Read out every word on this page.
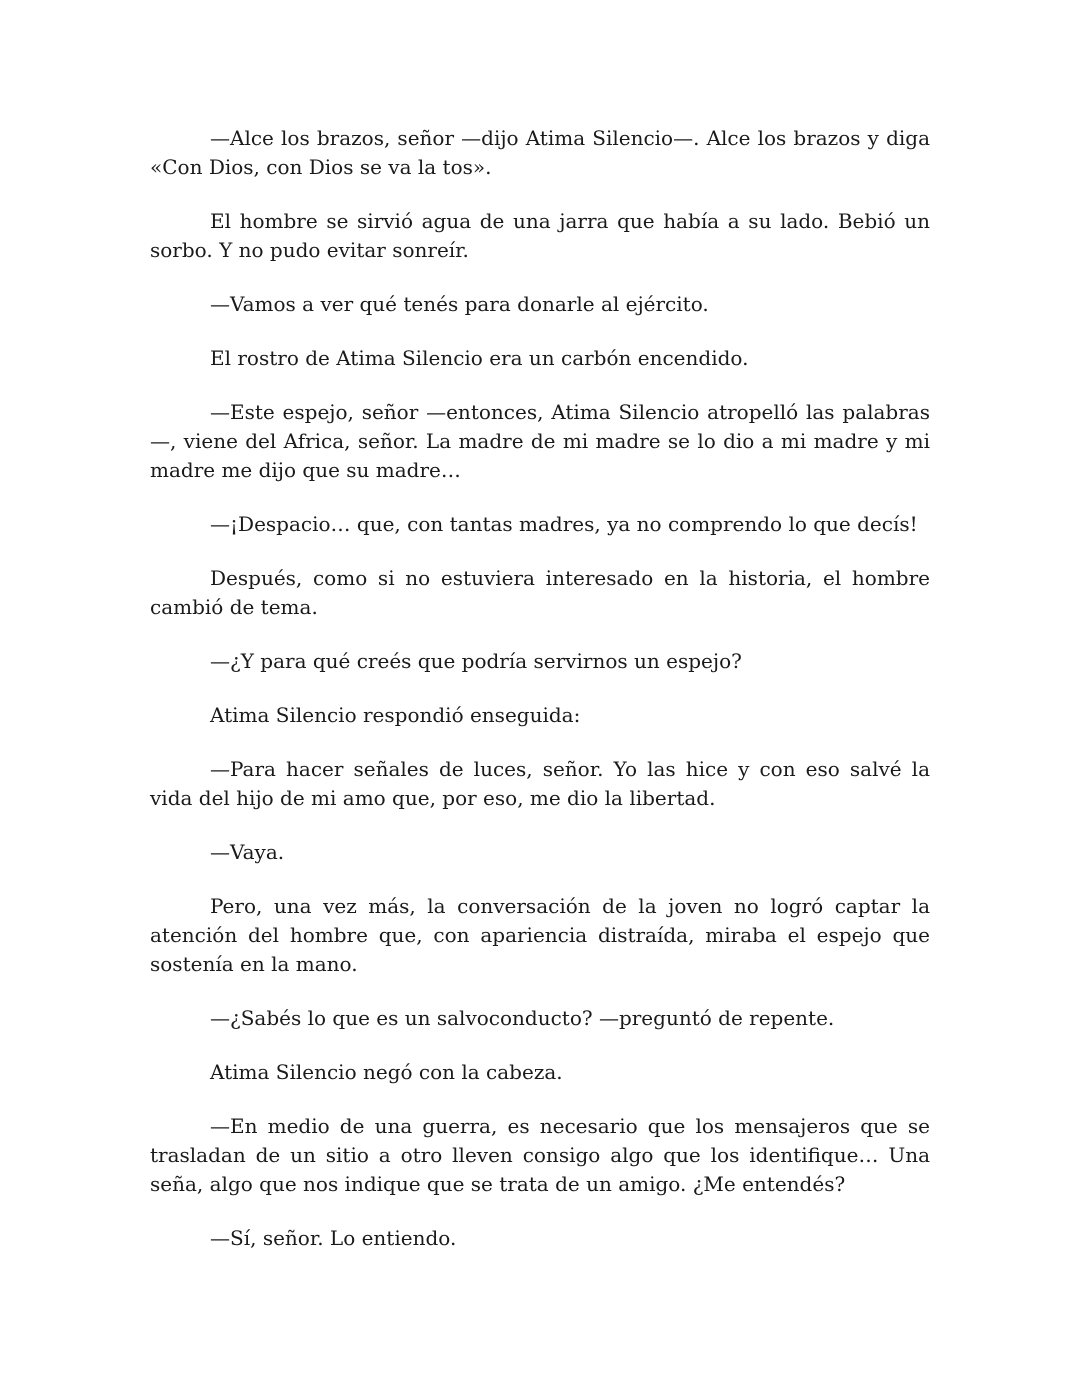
—Alce los brazos, señor —dijo Atima Silencio—. Alce los brazos y diga «Con Dios, con Dios se va la tos».

El hombre se sirvió agua de una jarra que había a su lado. Bebió un sorbo. Y no pudo evitar sonreír.

—Vamos a ver qué tenés para donarle al ejército.

El rostro de Atima Silencio era un carbón encendido.

—Este espejo, señor —entonces, Atima Silencio atropelló las palabras—, viene del Africa, señor. La madre de mi madre se lo dio a mi madre y mi madre me dijo que su madre…

—¡Despacio… que, con tantas madres, ya no comprendo lo que decís!

Después, como si no estuviera interesado en la historia, el hombre cambió de tema.

—¿Y para qué creés que podría servirnos un espejo?

Atima Silencio respondió enseguida:

—Para hacer señales de luces, señor. Yo las hice y con eso salvé la vida del hijo de mi amo que, por eso, me dio la libertad.

—Vaya.

Pero, una vez más, la conversación de la joven no logró captar la atención del hombre que, con apariencia distraída, miraba el espejo que sostenía en la mano.

—¿Sabés lo que es un salvoconducto? —preguntó de repente.

Atima Silencio negó con la cabeza.

—En medio de una guerra, es necesario que los mensajeros que se trasladan de un sitio a otro lleven consigo algo que los identifique… Una seña, algo que nos indique que se trata de un amigo. ¿Me entendés?

—Sí, señor. Lo entiendo.
